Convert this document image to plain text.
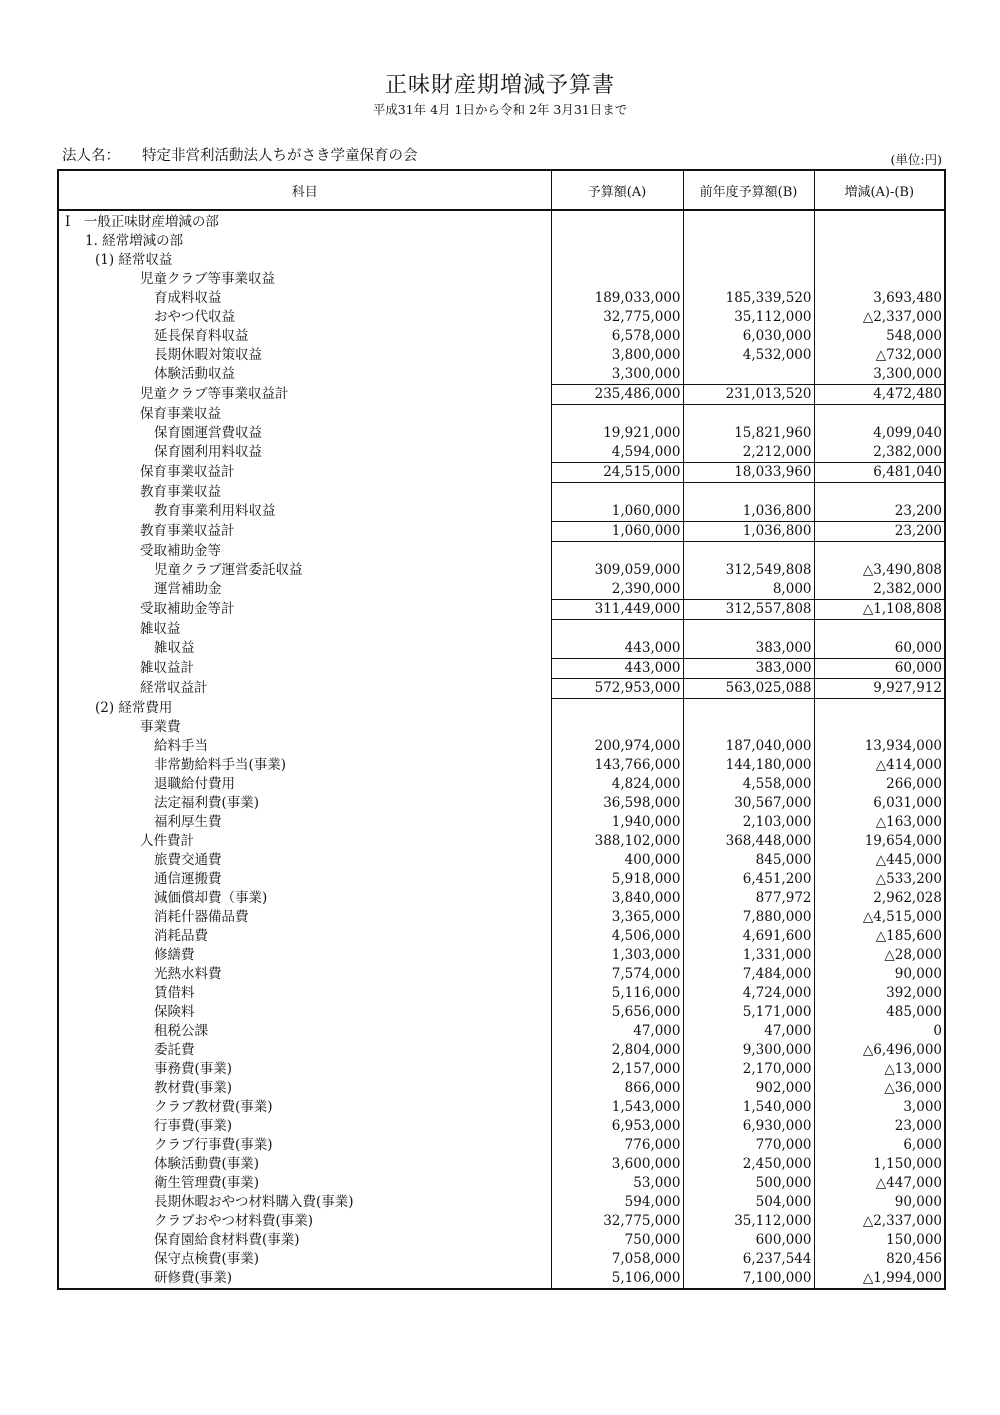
正味財産期増減予算書
平成31年 4月 1日から令和 2年 3月31日まで
法人名： 特定非営利活動法人ちがさき学童保育の会	(単位:円)
科目	予算額(A)	前年度予算額(B)	増減(A)-(B)
I　一般正味財産増減の部			
1. 経常増減の部			
(1) 経常収益			
児童クラブ等事業収益			
育成料収益	189,033,000	185,339,520	3,693,480
おやつ代収益	32,775,000	35,112,000	△2,337,000
延長保育料収益	6,578,000	6,030,000	548,000
長期休暇対策収益	3,800,000	4,532,000	△732,000
体験活動収益	3,300,000		3,300,000
児童クラブ等事業収益計	235,486,000	231,013,520	4,472,480
保育事業収益			
保育園運営費収益	19,921,000	15,821,960	4,099,040
保育園利用料収益	4,594,000	2,212,000	2,382,000
保育事業収益計	24,515,000	18,033,960	6,481,040
教育事業収益			
教育事業利用料収益	1,060,000	1,036,800	23,200
教育事業収益計	1,060,000	1,036,800	23,200
受取補助金等			
児童クラブ運営委託収益	309,059,000	312,549,808	△3,490,808
運営補助金	2,390,000	8,000	2,382,000
受取補助金等計	311,449,000	312,557,808	△1,108,808
雑収益			
雑収益	443,000	383,000	60,000
雑収益計	443,000	383,000	60,000
経常収益計	572,953,000	563,025,088	9,927,912
(2) 経常費用			
事業費			
給料手当	200,974,000	187,040,000	13,934,000
非常勤給料手当(事業)	143,766,000	144,180,000	△414,000
退職給付費用	4,824,000	4,558,000	266,000
法定福利費(事業)	36,598,000	30,567,000	6,031,000
福利厚生費	1,940,000	2,103,000	△163,000
人件費計	388,102,000	368,448,000	19,654,000
旅費交通費	400,000	845,000	△445,000
通信運搬費	5,918,000	6,451,200	△533,200
減価償却費（事業)	3,840,000	877,972	2,962,028
消耗什器備品費	3,365,000	7,880,000	△4,515,000
消耗品費	4,506,000	4,691,600	△185,600
修繕費	1,303,000	1,331,000	△28,000
光熱水料費	7,574,000	7,484,000	90,000
賃借料	5,116,000	4,724,000	392,000
保険料	5,656,000	5,171,000	485,000
租税公課	47,000	47,000	0
委託費	2,804,000	9,300,000	△6,496,000
事務費(事業)	2,157,000	2,170,000	△13,000
教材費(事業)	866,000	902,000	△36,000
クラブ教材費(事業)	1,543,000	1,540,000	3,000
行事費(事業)	6,953,000	6,930,000	23,000
クラブ行事費(事業)	776,000	770,000	6,000
体験活動費(事業)	3,600,000	2,450,000	1,150,000
衛生管理費(事業)	53,000	500,000	△447,000
長期休暇おやつ材料購入費(事業)	594,000	504,000	90,000
クラブおやつ材料費(事業)	32,775,000	35,112,000	△2,337,000
保育園給食材料費(事業)	750,000	600,000	150,000
保守点検費(事業)	7,058,000	6,237,544	820,456
研修費(事業)	5,106,000	7,100,000	△1,994,000
